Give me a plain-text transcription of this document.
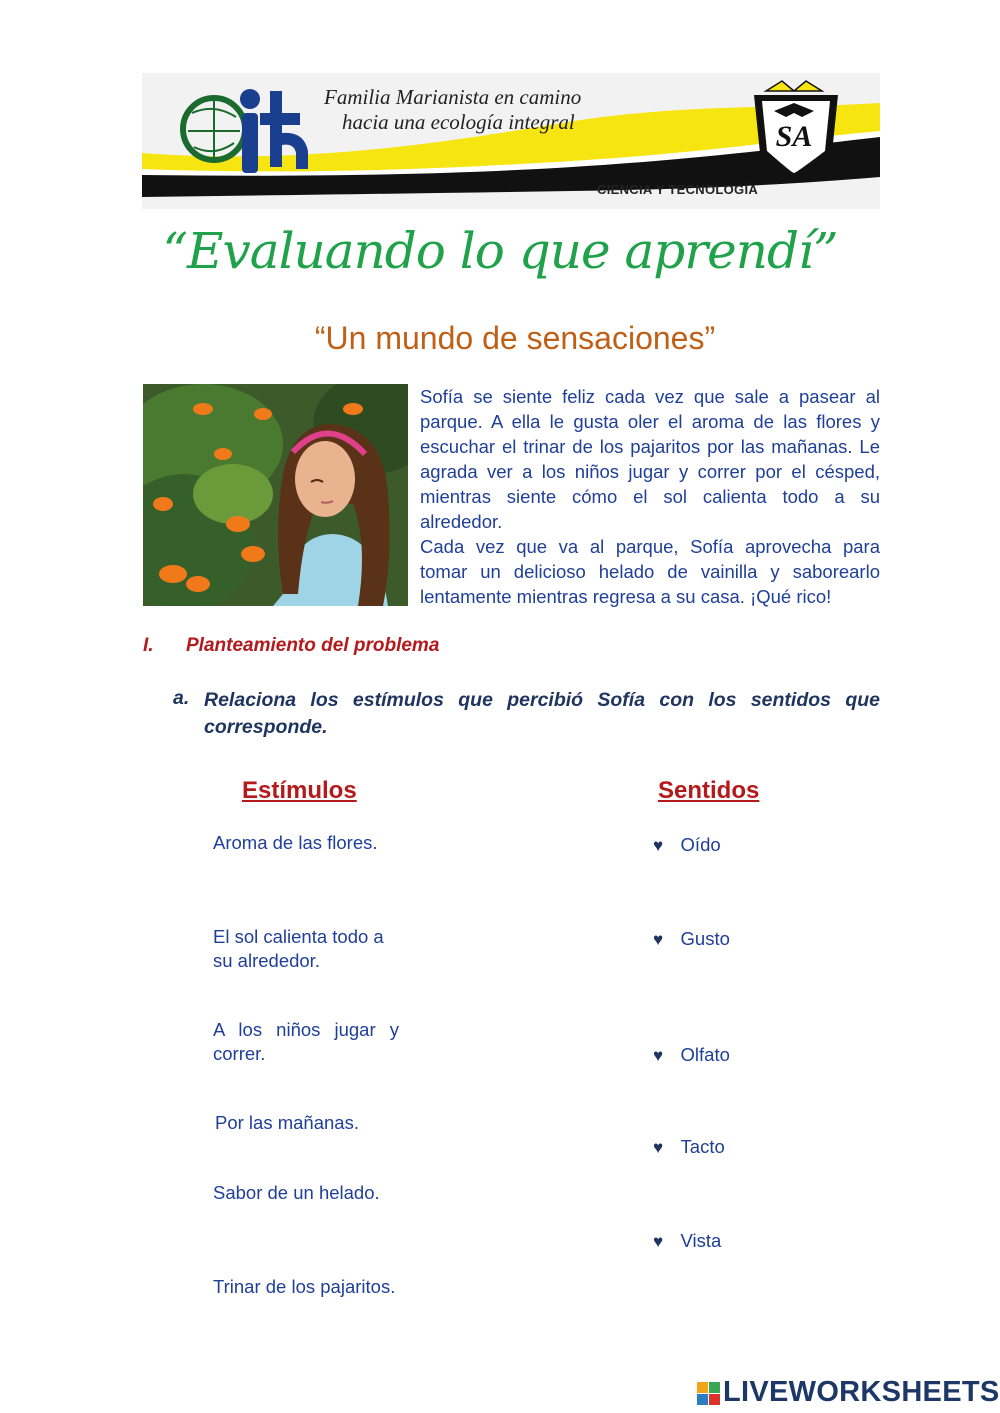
Familia Marianista en camino
hacia una ecología integral	SA
CIENCIA Y TECNOLOGÍA
“Evaluando lo que aprendí”
“Un mundo de sensaciones”

Sofía se siente feliz cada vez que sale a pasear al parque. A ella le gusta oler el aroma de las flores y escuchar el trinar de los pajaritos por las mañanas. Le agrada ver a los niños jugar y correr por el césped, mientras siente cómo el sol calienta todo a su alrededor.

Cada vez que va al parque, Sofía aprovecha para tomar un delicioso helado de vainilla y saborearlo lentamente mientras regresa a su casa. ¡Qué rico!

I. Planteamiento del problema
a. Relaciona los estímulos que percibió Sofía con los sentidos que corresponde.
Estímulos	Sentidos
Aroma de las flores.
El sol calienta todo a su alrededor.
A los niños jugar y correr.
Por las mañanas.
Sabor de un helado.
Trinar de los pajaritos.
♥ Oído
♥ Gusto
♥ Olfato
♥ Tacto
♥ Vista
LIVEWORKSHEETS
